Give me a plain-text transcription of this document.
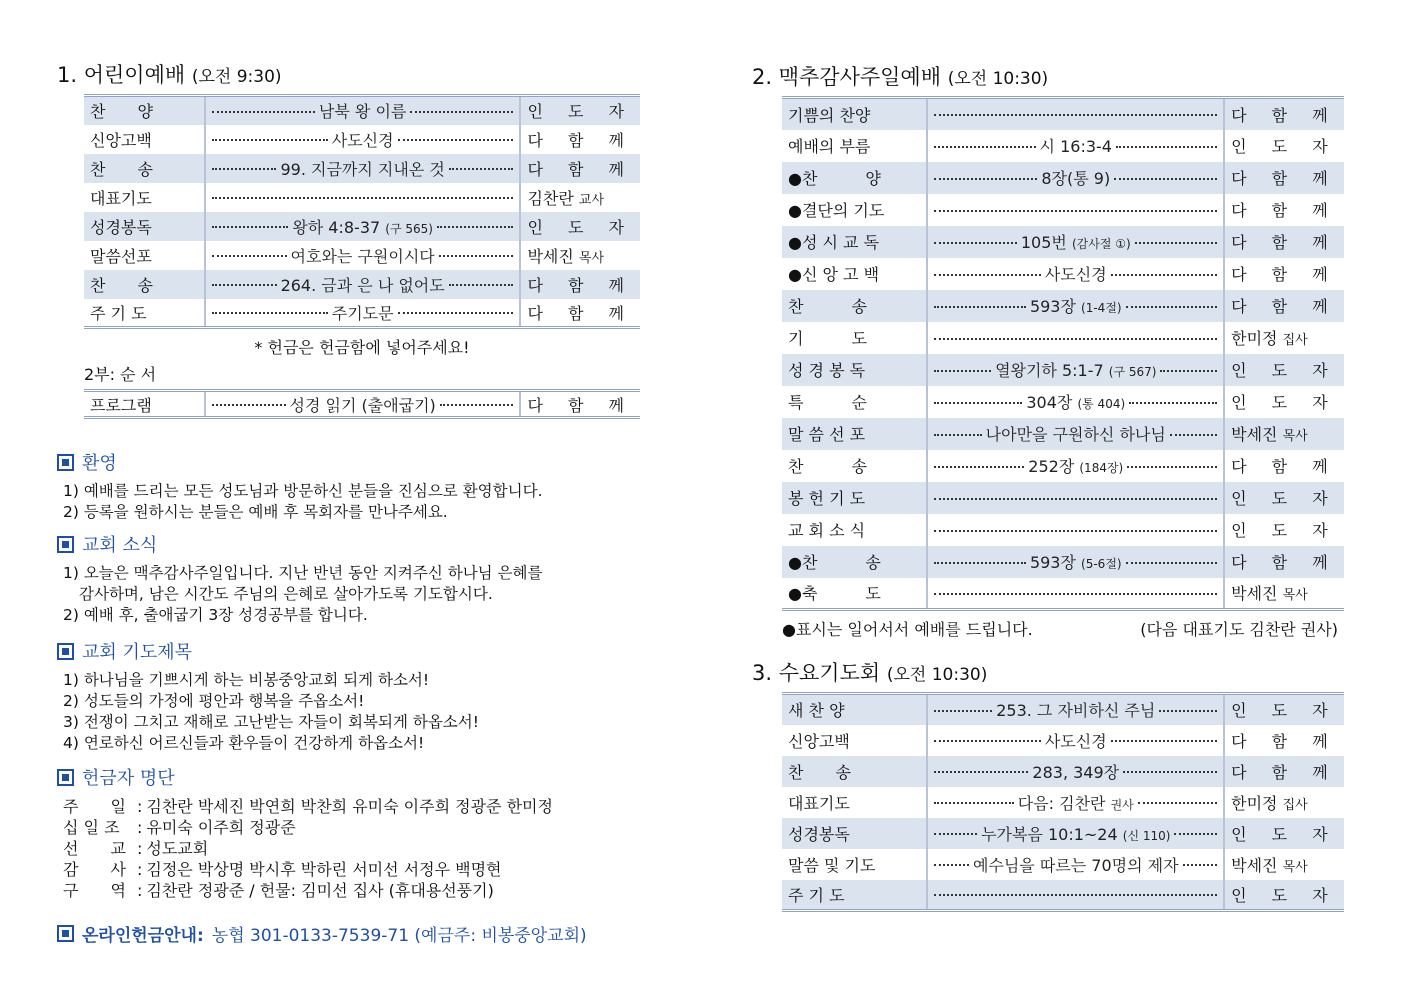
1. 어린이예배 (오전 9:30)
찬　　양	남북 왕 이름	인 도 자
신앙고백	사도신경	다 함 께
찬　　송	99. 지금까지 지내온 것	다 함 께
대표기도		김찬란 교사
성경봉독	왕하 4:8-37 (구 565)	인 도 자
말씀선포	여호와는 구원이시다	박세진 목사
찬　　송	264. 금과 은 나 없어도	다 함 께
주 기 도	주기도문	다 함 께
* 헌금은 헌금함에 넣어주세요!
2부: 순 서
프로그램	성경 읽기 (출애굽기)	다 함 께
환영
1) 예배를 드리는 모든 성도님과 방문하신 분들을 진심으로 환영합니다.
2) 등록을 원하시는 분들은 예배 후 목회자를 만나주세요.
교회 소식
1) 오늘은 맥추감사주일입니다. 지난 반년 동안 지켜주신 하나님 은혜를
감사하며, 남은 시간도 주님의 은혜로 살아가도록 기도합시다.
2) 예배 후, 출애굽기 3장 성경공부를 합니다.
교회 기도제목
1) 하나님을 기쁘시게 하는 비봉중앙교회 되게 하소서!
2) 성도들의 가정에 평안과 행복을 주옵소서!
3) 전쟁이 그치고 재해로 고난받는 자들이 회복되게 하옵소서!
4) 연로하신 어르신들과 환우들이 건강하게 하옵소서!
헌금자 명단
주　　일 : 김찬란 박세진 박연희 박찬희 유미숙 이주희 정광준 한미정
십 일 조	: 유미숙 이주희 정광준
선　　교 : 성도교회
감　　사 : 김정은 박상명 박시후 박하린 서미선 서정우 백명현
구　　역 : 김찬란 정광준 / 헌물: 김미선 집사 (휴대용선풍기)
온라인헌금안내: 농협 301-0133-7539-71 (예금주: 비봉중앙교회)
2. 맥추감사주일예배 (오전 10:30)
기쁨의 찬양		다 함 께
예배의 부름	시 16:3-4	인 도 자
●찬　　　양	8장(통 9)	다 함 께
●결단의 기도		다 함 께
●성 시 교 독	105번 (감사절 ①)	다 함 께
●신 앙 고 백	사도신경	다 함 께
찬　　　송	593장 (1-4절)	다 함 께
기　　　도		한미정 집사
성 경 봉 독	열왕기하 5:1-7 (구 567)	인 도 자
특　　　순	304장 (통 404)	인 도 자
말 씀 선 포	나아만을 구원하신 하나님	박세진 목사
찬　　　송	252장 (184장)	다 함 께
봉 헌 기 도		인 도 자
교 회 소 식		인 도 자
●찬　　　송	593장 (5-6절)	다 함 께
●축　　　도		박세진 목사
●표시는 일어서서 예배를 드립니다.	(다음 대표기도 김찬란 권사)
3. 수요기도회 (오전 10:30)
새 찬 양	253. 그 자비하신 주님	인 도 자
신앙고백	사도신경	다 함 께
찬　　송	283, 349장	다 함 께
대표기도	다음: 김찬란 권사	한미정 집사
성경봉독	누가복음 10:1~24 (신 110)	인 도 자
말씀 및 기도	예수님을 따르는 70명의 제자	박세진 목사
주 기 도		인 도 자
